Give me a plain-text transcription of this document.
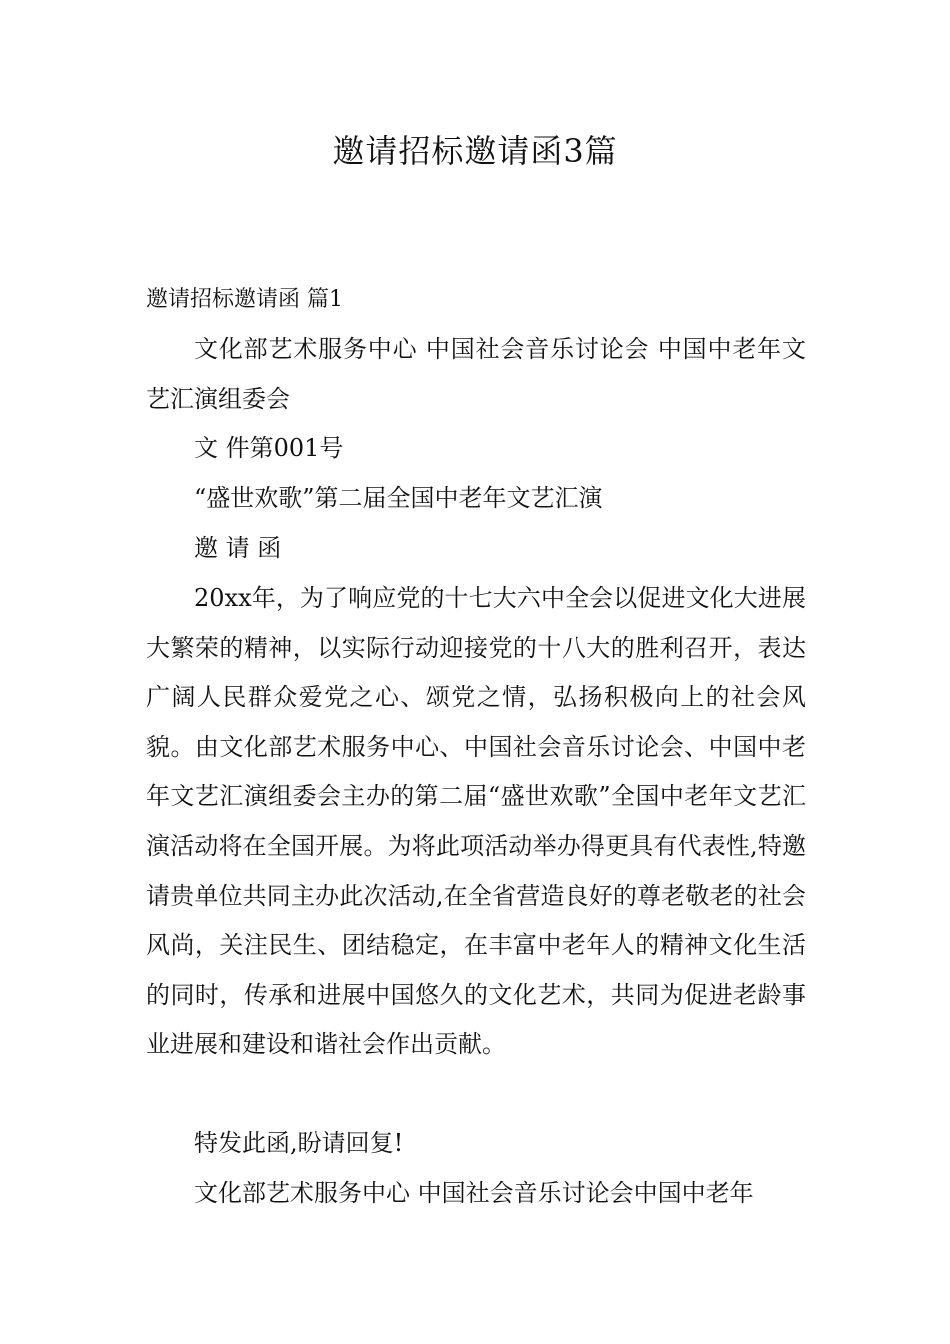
邀请招标邀请函3篇
邀请招标邀请函 篇1
文化部艺术服务中心 中国社会音乐讨论会 中国中老年文艺汇演组委会
文 件第001号
“盛世欢歌”第二届全国中老年文艺汇演
邀 请 函
20xx年，为了响应党的十七大六中全会以促进文化大进展大繁荣的精神，以实际行动迎接党的十八大的胜利召开，表达广阔人民群众爱党之心、颂党之情，弘扬积极向上的社会风貌。由文化部艺术服务中心、中国社会音乐讨论会、中国中老年文艺汇演组委会主办的第二届“盛世欢歌”全国中老年文艺汇演活动将在全国开展。为将此项活动举办得更具有代表性,特邀请贵单位共同主办此次活动,在全省营造良好的尊老敬老的社会风尚，关注民生、团结稳定，在丰富中老年人的精神文化生活的同时，传承和进展中国悠久的文化艺术，共同为促进老龄事业进展和建设和谐社会作出贡献。
特发此函,盼请回复!
文化部艺术服务中心 中国社会音乐讨论会中国中老年
